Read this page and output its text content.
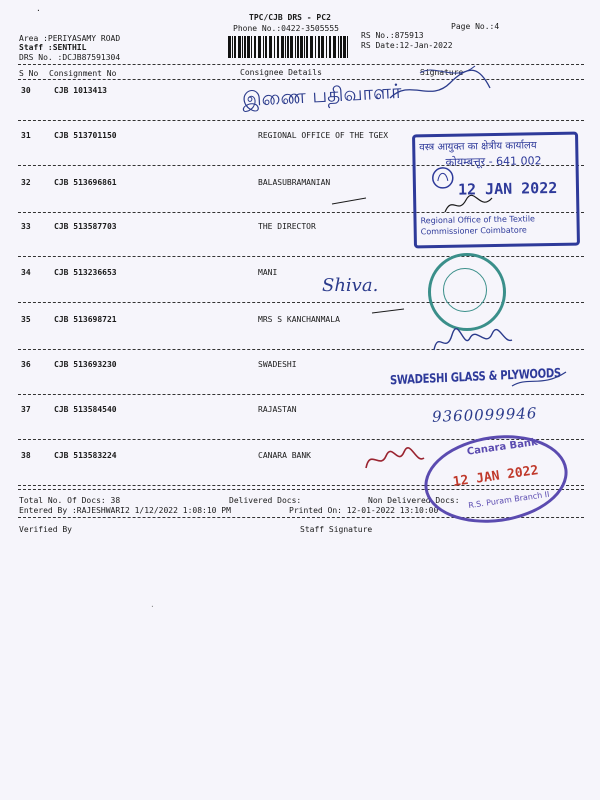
·
TPC/CJB DRS - PC2
Phone No.:0422-3505555	Page No.:4
Area :PERIYASAMY ROAD
Staff :SENTHIL
DRS No. :DCJB87591304
RS No.:875913
RS Date:12-Jan-2022
S No Consignment No	Consignee Details	Signature
30	CJB 1013413
31	CJB 513701150	REGIONAL OFFICE OF THE TGEX
32	CJB 513696861	BALASUBRAMANIAN
33	CJB 513587703	THE DIRECTOR
34	CJB 513236653	MANI
35	CJB 513698721	MRS S KANCHANMALA
36	CJB 513693230	SWADESHI
37	CJB 513584540	RAJASTAN
38	CJB 513583224	CANARA BANK
Total No. Of Docs: 38	Delivered Docs:	Non Delivered Docs:
Entered By :RAJESHWARI2 1/12/2022 1:08:10 PM	Printed On: 12-01-2022 13:10:00
Verified By	Staff Signature
·
இணை பதிவாளர்
वस्त्र आयुक्त का क्षेत्रीय कार्यालय
कोयम्बत्तूर - 641 002
12 JAN 2022
Regional Office of the Textile Commissioner Coimbatore
Shiva.
SWADESHI GLASS & PLYWOODS
9360099946
Canara Bank
12 JAN 2022
R.S. Puram Branch II
